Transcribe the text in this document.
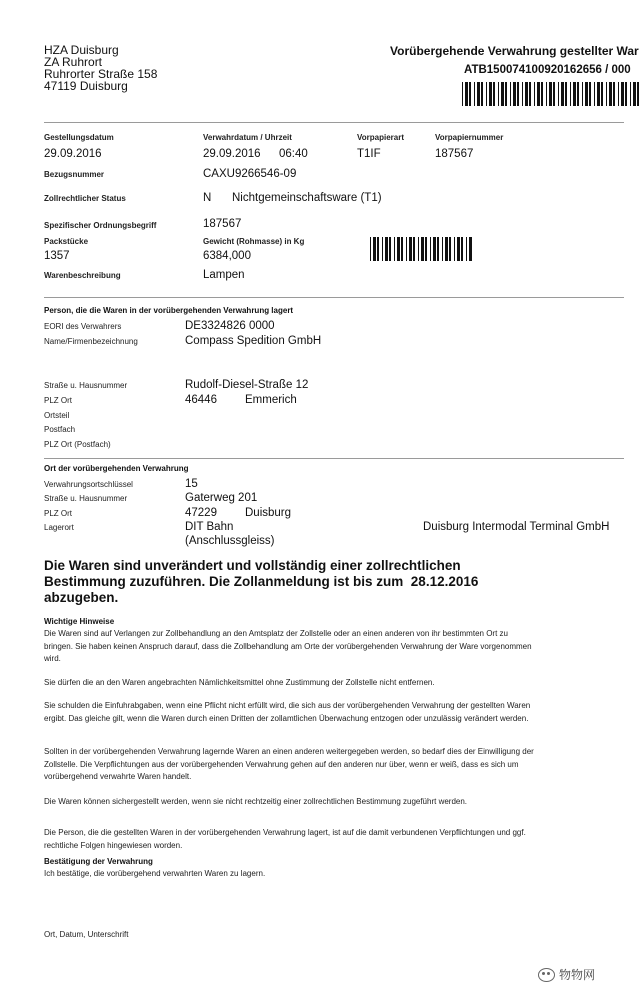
HZA Duisburg
ZA Ruhrort
Ruhrorter Straße 158
47119 Duisburg
Vorübergehende Verwahrung gestellter War
ATB150074100920162656 / 000
Gestellungsdatum
29.09.2016
Verwahrdatum / Uhrzeit
29.09.2016 06:40
Vorpapierart
T1IF
Vorpapiernummer
187567
Bezugsnummer	CAXU9266546-09
Zollrechtlicher Status	N Nichtgemeinschaftsware (T1)
Spezifischer Ordnungsbegriff	187567
Packstücke
1357
Gewicht (Rohmasse) in Kg
6384,000
Warenbeschreibung	Lampen
Person, die die Waren in der vorübergehenden Verwahrung lagert
EORI des Verwahrers	DE3324826 0000
Name/Firmenbezeichnung	Compass Spedition GmbH
Straße u. Hausnummer	Rudolf-Diesel-Straße 12
PLZ Ort	46446 Emmerich
Ortsteil
Postfach
PLZ Ort (Postfach)
Ort der vorübergehenden Verwahrung
Verwahrungsortschlüssel	15
Straße u. Hausnummer	Gaterweg 201
PLZ Ort	47229 Duisburg
Lagerort	DIT Bahn
(Anschlussgleiss)
Duisburg Intermodal Terminal GmbH
Die Waren sind unverändert und vollständig einer zollrechtlichen
Bestimmung zuzuführen. Die Zollanmeldung ist bis zum 28.12.2016
abzugeben.
Wichtige Hinweise
Die Waren sind auf Verlangen zur Zollbehandlung an den Amtsplatz der Zollstelle oder an einen anderen von ihr bestimmten Ort zu bringen. Sie haben keinen Anspruch darauf, dass die Zollbehandlung am Orte der vorübergehenden Verwahrung der Ware vorgenommen wird.
Sie dürfen die an den Waren angebrachten Nämlichkeitsmittel ohne Zustimmung der Zollstelle nicht entfernen.
Sie schulden die Einfuhrabgaben, wenn eine Pflicht nicht erfüllt wird, die sich aus der vorübergehenden Verwahrung der gestellten Waren ergibt. Das gleiche gilt, wenn die Waren durch einen Dritten der zollamtlichen Überwachung entzogen oder unzulässig verändert werden.
Sollten in der vorübergehenden Verwahrung lagernde Waren an einen anderen weitergegeben werden, so bedarf dies der Einwilligung der Zollstelle. Die Verpflichtungen aus der vorübergehenden Verwahrung gehen auf den anderen nur über, wenn er weiß, dass es sich um vorübergehend verwahrte Waren handelt.
Die Waren können sichergestellt werden, wenn sie nicht rechtzeitig einer zollrechtlichen Bestimmung zugeführt werden.
Die Person, die die gestellten Waren in der vorübergehenden Verwahrung lagert, ist auf die damit verbundenen Verpflichtungen und ggf. rechtliche Folgen hingewiesen worden.
Bestätigung der Verwahrung
Ich bestätige, die vorübergehend verwahrten Waren zu lagern.
Ort, Datum, Unterschrift
物物网
